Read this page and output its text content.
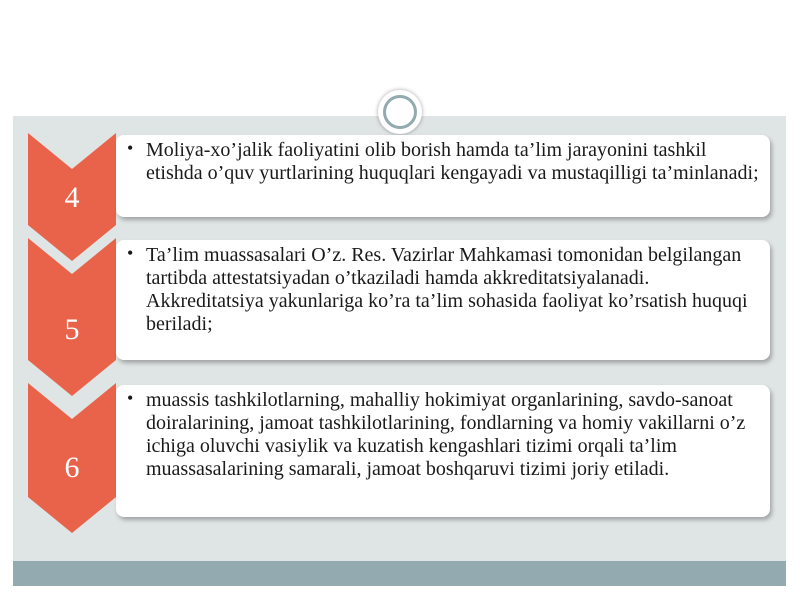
4
• Moliya-xo’jalik faoliyatini olib borish hamda ta’lim jarayonini tashkil etishda o’quv yurtlarining huquqlari kengayadi va mustaqilligi ta’minlanadi;
5
• Ta’lim muassasalari O’z. Res. Vazirlar Mahkamasi tomonidan belgilangan tartibda attestatsiyadan o’tkaziladi hamda akkreditatsiyalanadi. Akkreditatsiya yakunlariga ko’ra ta’lim sohasida faoliyat ko’rsatish huquqi beriladi;
6
• muassis tashkilotlarning, mahalliy hokimiyat organlarining, savdo-sanoat doiralarining, jamoat tashkilotlarining, fondlarning va homiy vakillarni o’z ichiga oluvchi vasiylik va kuzatish kengashlari tizimi orqali ta’lim muassasalarining samarali, jamoat boshqaruvi tizimi joriy etiladi.
